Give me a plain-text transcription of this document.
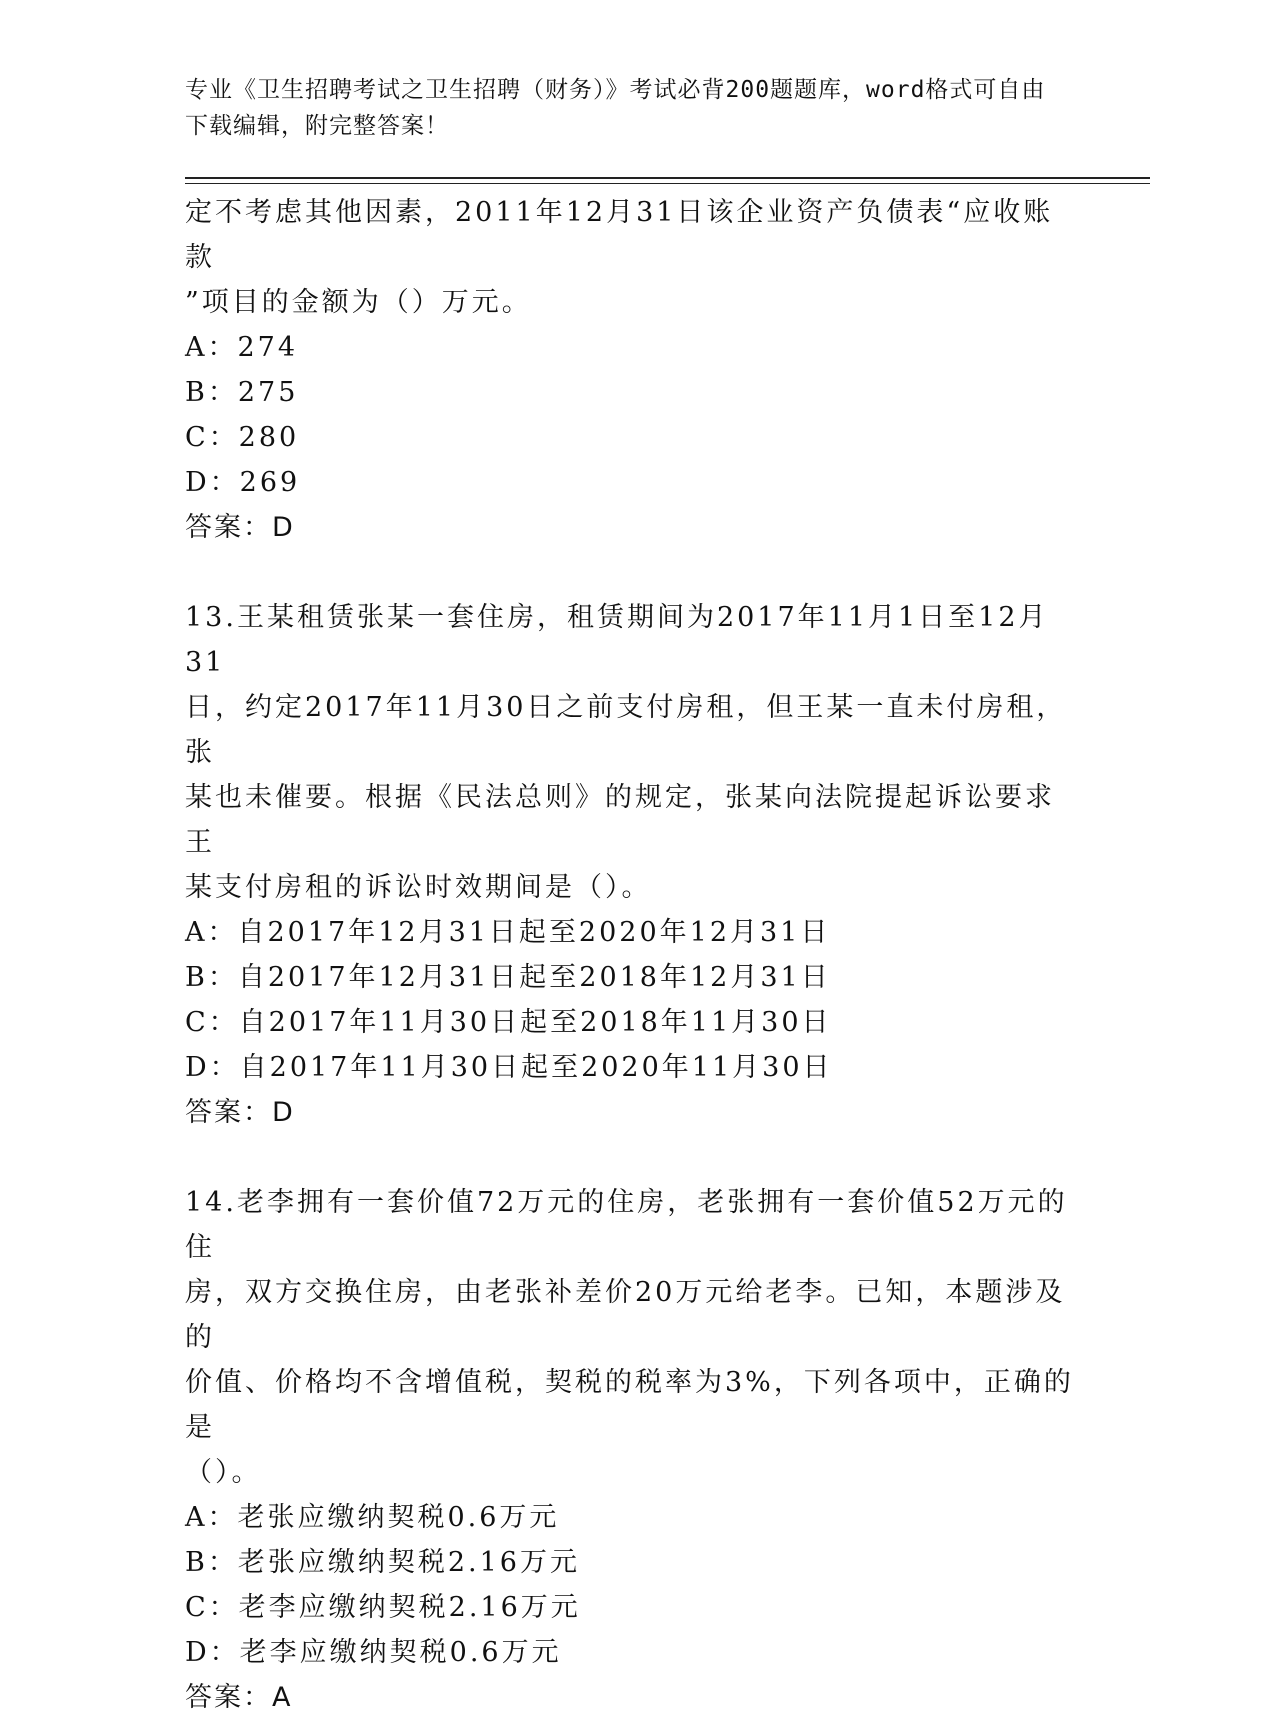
专业《卫生招聘考试之卫生招聘（财务）》考试必背200题题库，word格式可自由下载编辑，附完整答案！
定不考虑其他因素，2011年12月31日该企业资产负债表“应收账款
”项目的金额为（）万元。
A：274
B：275
C：280
D：269
答案：D
13.王某租赁张某一套住房，租赁期间为2017年11月1日至12月31
日，约定2017年11月30日之前支付房租，但王某一直未付房租，张
某也未催要。根据《民法总则》的规定，张某向法院提起诉讼要求王
某支付房租的诉讼时效期间是（）。
A：自2017年12月31日起至2020年12月31日
B：自2017年12月31日起至2018年12月31日
C：自2017年11月30日起至2018年11月30日
D：自2017年11月30日起至2020年11月30日
答案：D
14.老李拥有一套价值72万元的住房，老张拥有一套价值52万元的住
房，双方交换住房，由老张补差价20万元给老李。已知，本题涉及的
价值、价格均不含增值税，契税的税率为3%，下列各项中，正确的是
（）。
A：老张应缴纳契税0.6万元
B：老张应缴纳契税2.16万元
C：老李应缴纳契税2.16万元
D：老李应缴纳契税0.6万元
答案：A
